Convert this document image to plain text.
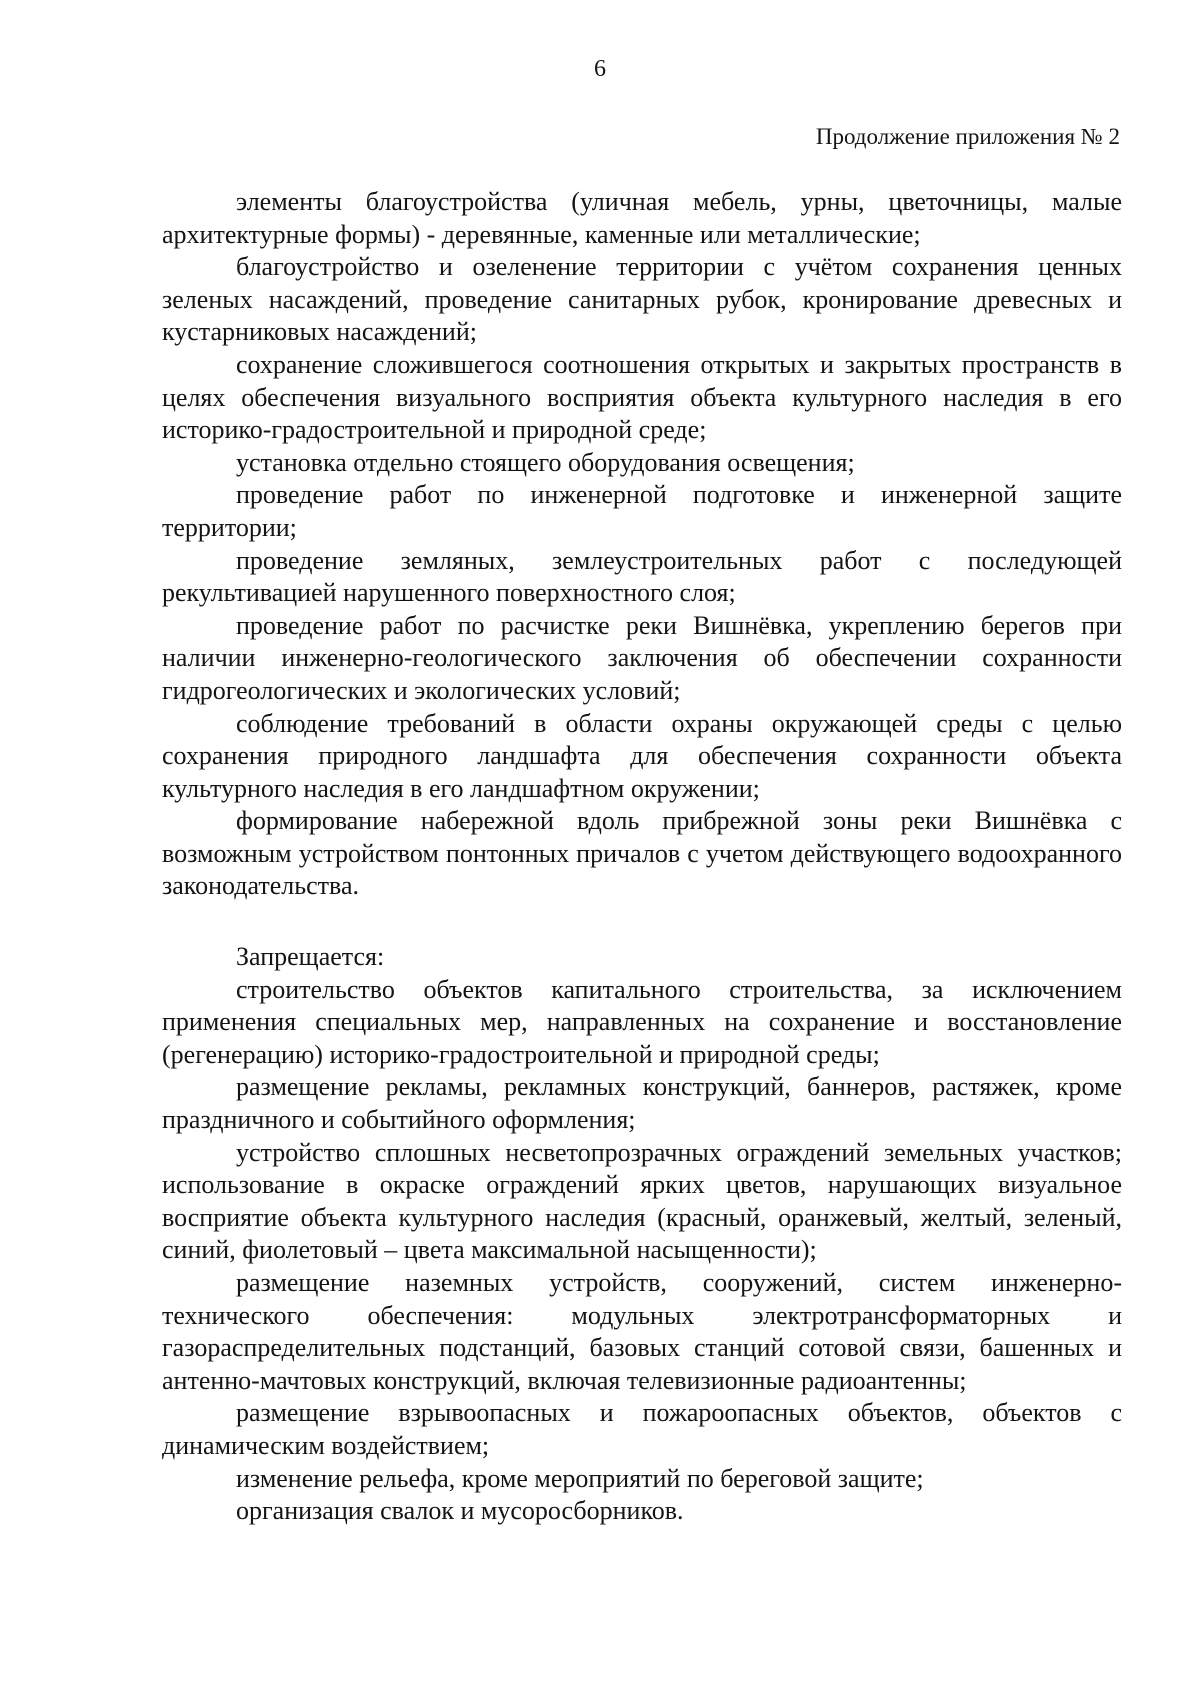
6

Продолжение приложения № 2

элементы благоустройства (уличная мебель, урны, цветочницы, малые архитектурные формы) - деревянные, каменные или металлические;

благоустройство и озеленение территории с учётом сохранения ценных зеленых насаждений, проведение санитарных рубок, кронирование древесных и кустарниковых насаждений;

сохранение сложившегося соотношения открытых и закрытых пространств в целях обеспечения визуального восприятия объекта культурного наследия в его историко-градостроительной и природной среде;

установка отдельно стоящего оборудования освещения;

проведение работ по инженерной подготовке и инженерной защите территории;

проведение земляных, землеустроительных работ с последующей рекультивацией нарушенного поверхностного слоя;

проведение работ по расчистке реки Вишнёвка, укреплению берегов при наличии инженерно-геологического заключения об обеспечении сохранности гидрогеологических и экологических условий;

соблюдение требований в области охраны окружающей среды с целью сохранения природного ландшафта для обеспечения сохранности объекта культурного наследия в его ландшафтном окружении;

формирование набережной вдоль прибрежной зоны реки Вишнёвка с возможным устройством понтонных причалов с учетом действующего водоохранного законодательства.

Запрещается:

строительство объектов капитального строительства, за исключением применения специальных мер, направленных на сохранение и восстановление (регенерацию) историко-градостроительной и природной среды;

размещение рекламы, рекламных конструкций, баннеров, растяжек, кроме праздничного и событийного оформления;

устройство сплошных несветопрозрачных ограждений земельных участков; использование в окраске ограждений ярких цветов, нарушающих визуальное восприятие объекта культурного наследия (красный, оранжевый, желтый, зеленый, синий, фиолетовый – цвета максимальной насыщенности);

размещение наземных устройств, сооружений, систем инженерно-технического обеспечения: модульных электротрансформаторных и газораспределительных подстанций, базовых станций сотовой связи, башенных и антенно-мачтовых конструкций, включая телевизионные радиоантенны;

размещение взрывоопасных и пожароопасных объектов, объектов с динамическим воздействием;

изменение рельефа, кроме мероприятий по береговой защите;

организация свалок и мусоросборников.
